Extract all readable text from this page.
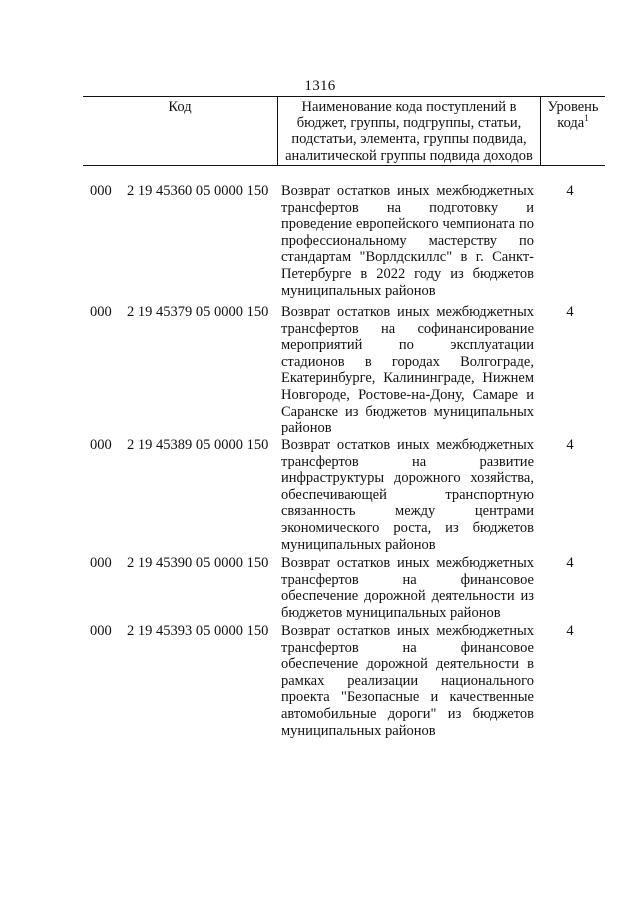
1316
Код	Наименование кода поступлений в бюджет, группы, подгруппы, статьи, подстатьи, элемента, группы подвида, аналитической группы подвида доходов
Уровень кода$^1$
000 2 19 45360 05 0000 150 Возврат остатков иных межбюджетных трансфертов на подготовку и проведение европейского чемпионата по профессиональному мастерству по стандартам "Ворлдскиллс" в г. Санкт-Петербурге в 2022 году из бюджетов муниципальных районов
4
000 2 19 45379 05 0000 150 Возврат остатков иных межбюджетных трансфертов на софинансирование мероприятий по эксплуатации стадионов в городах Волгограде, Екатеринбурге, Калининграде, Нижнем Новгороде, Ростове-на-Дону, Самаре и Саранске из бюджетов муниципальных районов
4
000 2 19 45389 05 0000 150 Возврат остатков иных межбюджетных трансфертов на развитие инфраструктуры дорожного хозяйства, обеспечивающей транспортную связанность между центрами экономического роста, из бюджетов муниципальных районов
4
000 2 19 45390 05 0000 150 Возврат остатков иных межбюджетных трансфертов на финансовое обеспечение дорожной деятельности из бюджетов муниципальных районов
4
000 2 19 45393 05 0000 150 Возврат остатков иных межбюджетных трансфертов на финансовое обеспечение дорожной деятельности в рамках реализации национального проекта "Безопасные и качественные автомобильные дороги" из бюджетов муниципальных районов
4
